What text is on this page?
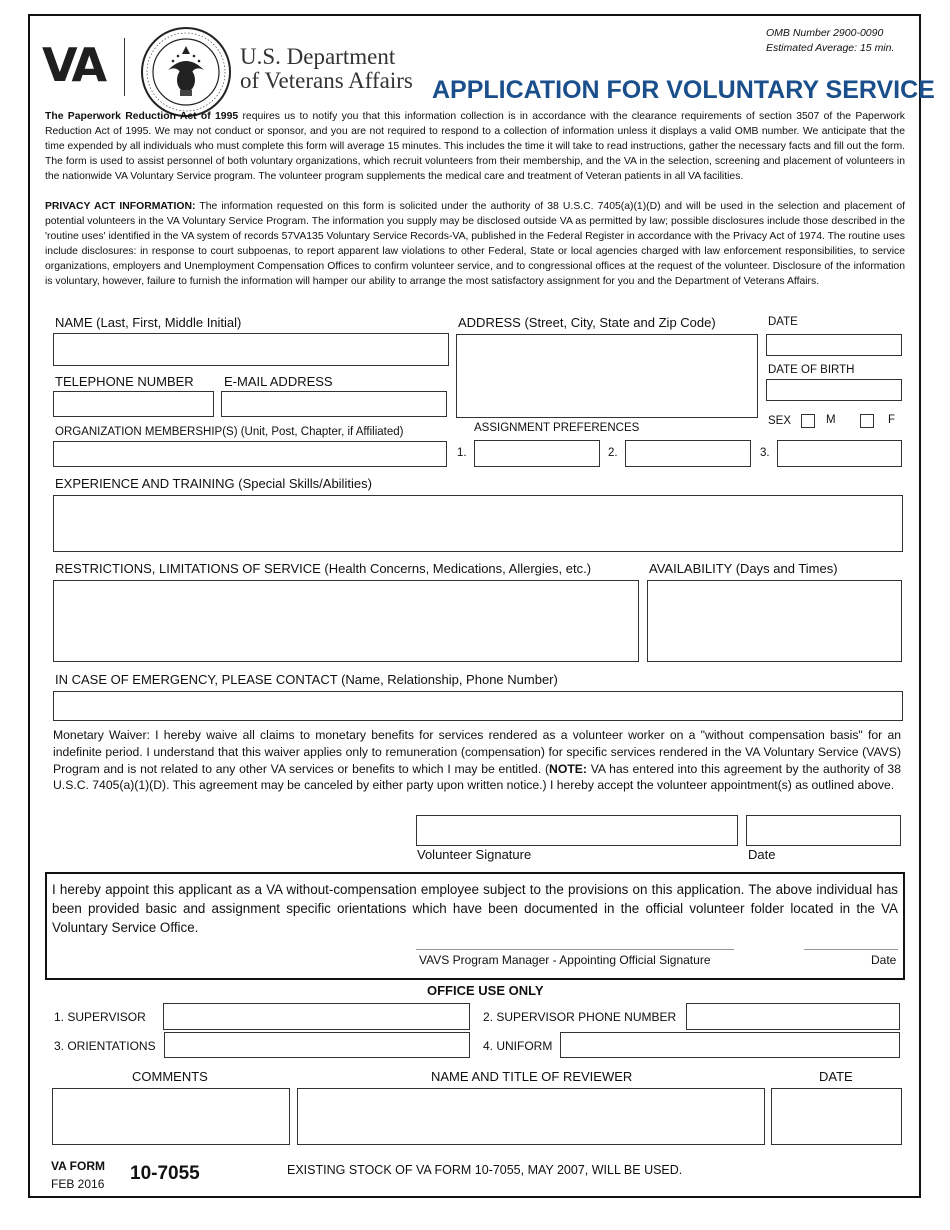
VA	U.S. Department
of Veterans Affairs
OMB Number 2900-0090
Estimated Average: 15 min.
APPLICATION FOR VOLUNTARY SERVICE
The Paperwork Reduction Act of 1995 requires us to notify you that this information collection is in accordance with the clearance requirements of section 3507 of the Paperwork Reduction Act of 1995. We may not conduct or sponsor, and you are not required to respond to a collection of information unless it displays a valid OMB number. We anticipate that the time expended by all individuals who must complete this form will average 15 minutes. This includes the time it will take to read instructions, gather the necessary facts and fill out the form. The form is used to assist personnel of both voluntary organizations, which recruit volunteers from their membership, and the VA in the selection, screening and placement of volunteers in the nationwide VA Voluntary Service program. The volunteer program supplements the medical care and treatment of Veteran patients in all VA facilities.
PRIVACY ACT INFORMATION: The information requested on this form is solicited under the authority of 38 U.S.C. 7405(a)(1)(D) and will be used in the selection and placement of potential volunteers in the VA Voluntary Service Program. The information you supply may be disclosed outside VA as permitted by law; possible disclosures include those described in the 'routine uses' identified in the VA system of records 57VA135 Voluntary Service Records-VA, published in the Federal Register in accordance with the Privacy Act of 1974. The routine uses include disclosures: in response to court subpoenas, to report apparent law violations to other Federal, State or local agencies charged with law enforcement responsibilities, to service organizations, employers and Unemployment Compensation Offices to confirm volunteer service, and to congressional offices at the request of the volunteer. Disclosure of the information is voluntary, however, failure to furnish the information will hamper our ability to arrange the most satisfactory assignment for you and the Department of Veterans Affairs.
NAME (Last, First, Middle Initial)	ADDRESS (Street, City, State and Zip Code)	DATE
DATE OF BIRTH
TELEPHONE NUMBER E-MAIL ADDRESS
SEX	M	F
ORGANIZATION MEMBERSHIP(S) (Unit, Post, Chapter, if Affiliated)	ASSIGNMENT PREFERENCES
1.	2.	3.
EXPERIENCE AND TRAINING (Special Skills/Abilities)
RESTRICTIONS, LIMITATIONS OF SERVICE (Health Concerns, Medications, Allergies, etc.)	AVAILABILITY (Days and Times)
IN CASE OF EMERGENCY, PLEASE CONTACT (Name, Relationship, Phone Number)
Monetary Waiver: I hereby waive all claims to monetary benefits for services rendered as a volunteer worker on a "without compensation basis" for an indefinite period. I understand that this waiver applies only to remuneration (compensation) for specific services rendered in the VA Voluntary Service (VAVS) Program and is not related to any other VA services or benefits to which I may be entitled. (NOTE: VA has entered into this agreement by the authority of 38 U.S.C. 7405(a)(1)(D). This agreement may be canceled by either party upon written notice.) I hereby accept the volunteer appointment(s) as outlined above.
Volunteer Signature	Date
I hereby appoint this applicant as a VA without-compensation employee subject to the provisions on this application. The above individual has been provided basic and assignment specific orientations which have been documented in the official volunteer folder located in the VA Voluntary Service Office.
VAVS Program Manager - Appointing Official Signature	Date
OFFICE USE ONLY
1. SUPERVISOR	2. SUPERVISOR PHONE NUMBER
3. ORIENTATIONS	4. UNIFORM
COMMENTS	NAME AND TITLE OF REVIEWER	DATE
VA FORM
FEB 2016 10-7055	EXISTING STOCK OF VA FORM 10-7055, MAY 2007, WILL BE USED.
